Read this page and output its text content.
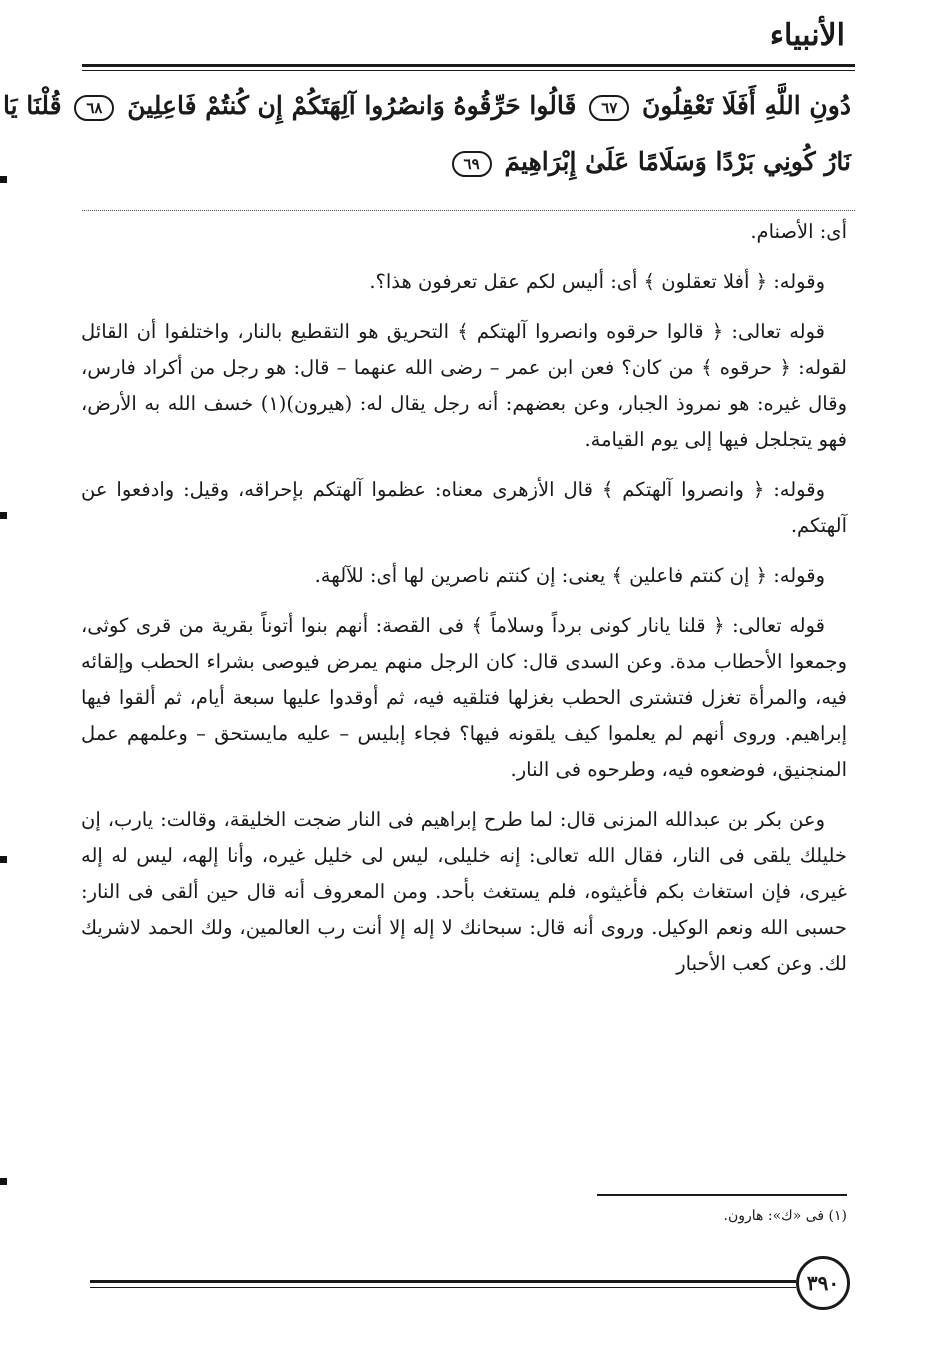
الأنبياء
دُونِ اللَّهِ أَفَلَا تَعْقِلُونَ ٦٧ قَالُوا حَرِّقُوهُ وَانصُرُوا آلِهَتَكُمْ إِن كُنتُمْ فَاعِلِينَ ٦٨ قُلْنَا يَا
نَارُ كُونِي بَرْدًا وَسَلَامًا عَلَىٰ إِبْرَاهِيمَ ٦٩

أى: الأصنام.

وقوله: ﴿ أفلا تعقلون ﴾ أى: أليس لكم عقل تعرفون هذا؟.

قوله تعالى: ﴿ قالوا حرقوه وانصروا آلهتكم ﴾ التحريق هو التقطيع بالنار، واختلفوا أن القائل لقوله: ﴿ حرقوه ﴾ من كان؟ فعن ابن عمر – رضى الله عنهما – قال: هو رجل من أكراد فارس، وقال غيره: هو نمروذ الجبار، وعن بعضهم: أنه رجل يقال له: (هيرون)(١) خسف الله به الأرض، فهو يتجلجل فيها إلى يوم القيامة.

وقوله: ﴿ وانصروا آلهتكم ﴾ قال الأزهرى معناه: عظموا آلهتكم بإحراقه، وقيل: وادفعوا عن آلهتكم.

وقوله: ﴿ إن كنتم فاعلين ﴾ يعنى: إن كنتم ناصرين لها أى: للآلهة.

قوله تعالى: ﴿ قلنا يانار كونى برداً وسلاماً ﴾ فى القصة: أنهم بنوا أتوناً بقرية من قرى كوثى، وجمعوا الأحطاب مدة. وعن السدى قال: كان الرجل منهم يمرض فيوصى بشراء الحطب وإلقائه فيه، والمرأة تغزل فتشترى الحطب بغزلها فتلقيه فيه، ثم أوقدوا عليها سبعة أيام، ثم ألقوا فيها إبراهيم. وروى أنهم لم يعلموا كيف يلقونه فيها؟ فجاء إبليس – عليه مايستحق – وعلمهم عمل المنجنيق، فوضعوه فيه، وطرحوه فى النار.

وعن بكر بن عبدالله المزنى قال: لما طرح إبراهيم فى النار ضجت الخليقة، وقالت: يارب، إن خليلك يلقى فى النار، فقال الله تعالى: إنه خليلى، ليس لى خليل غيره، وأنا إلهه، ليس له إله غيرى، فإن استغاث بكم فأغيثوه، فلم يستغث بأحد. ومن المعروف أنه قال حين ألقى فى النار: حسبى الله ونعم الوكيل. وروى أنه قال: سبحانك لا إله إلا أنت رب العالمين، ولك الحمد لاشريك لك. وعن كعب الأحبار

(١) فى «ك»: هارون.
٣٩٠
